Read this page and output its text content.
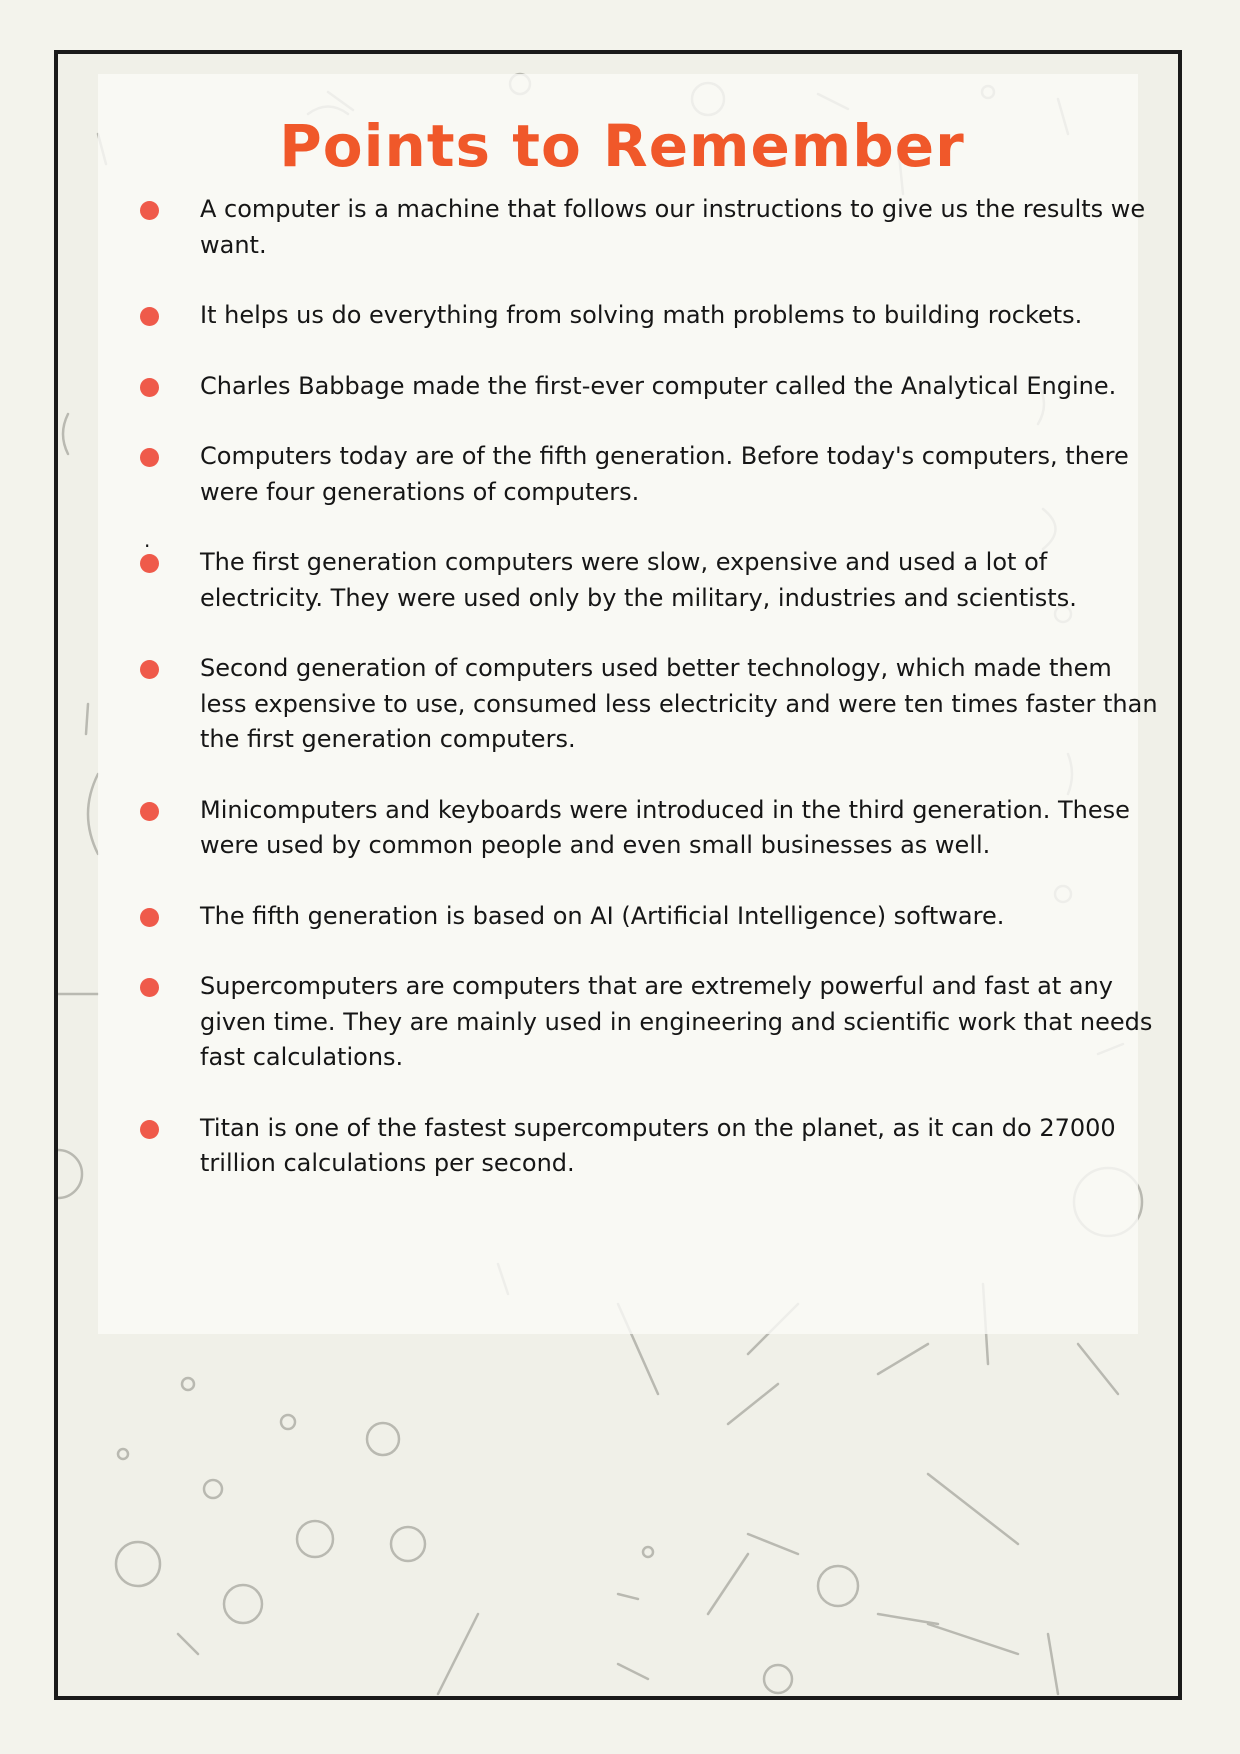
Points to Remember
.
A computer is a machine that follows our instructions to give us the results we want.
It helps us do everything from solving math problems to building rockets.
Charles Babbage made the first-ever computer called the Analytical Engine.
Computers today are of the fifth generation. Before today's computers, there were four generations of computers.
The first generation computers were slow, expensive and used a lot of electricity. They were used only by the military, industries and scientists.
Second generation of computers used better technology, which made them less expensive to use, consumed less electricity and were ten times faster than the first generation computers.
Minicomputers and keyboards were introduced in the third generation. These were used by common people and even small businesses as well.
The fifth generation is based on AI (Artificial Intelligence) software.
Supercomputers are computers that are extremely powerful and fast at any given time. They are mainly used in engineering and scientific work that needs fast calculations.
Titan is one of the fastest supercomputers on the planet, as it can do 27000 trillion calculations per second.
